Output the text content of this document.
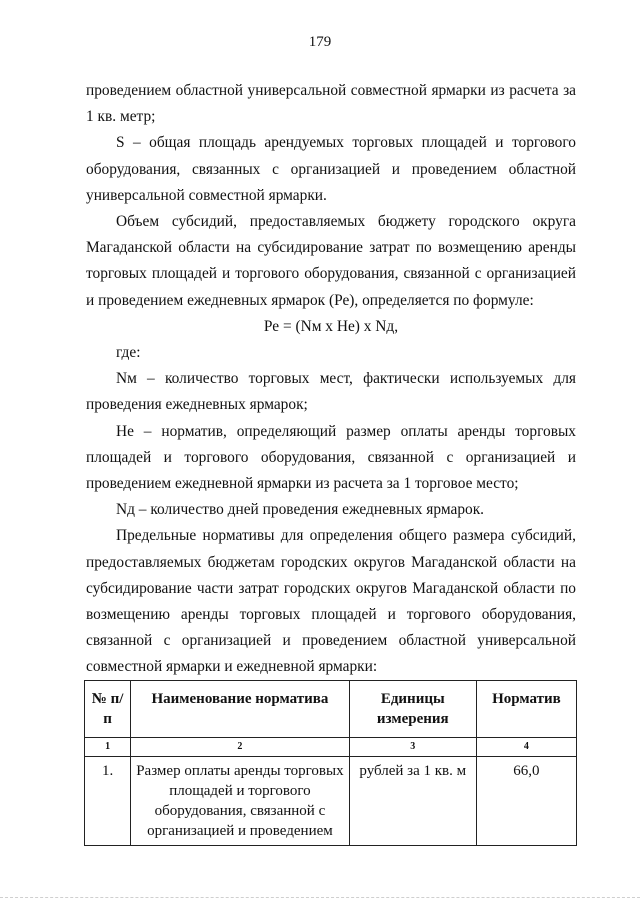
179

проведением областной универсальной совместной ярмарки из расчета за 1 кв. метр;

S – общая площадь арендуемых торговых площадей и торгового оборудования, связанных с организацией и проведением областной универсальной совместной ярмарки.

Объем субсидий, предоставляемых бюджету городского округа Магаданской области на субсидирование затрат по возмещению аренды торговых площадей и торгового оборудования, связанной с организацией и проведением ежедневных ярмарок (Ре), определяется по формуле:

Ре = (Nм х Не) х Nд,

где:

Nм – количество торговых мест, фактически используемых для проведения ежедневных ярмарок;

Не – норматив, определяющий размер оплаты аренды торговых площадей и торгового оборудования, связанной с организацией и проведением ежедневной ярмарки из расчета за 1 торговое место;

Nд – количество дней проведения ежедневных ярмарок.

Предельные нормативы для определения общего размера субсидий, предоставляемых бюджетам городских округов Магаданской области на субсидирование части затрат городских округов Магаданской области по возмещению аренды торговых площадей и торгового оборудования, связанной с организацией и проведением областной универсальной совместной ярмарки и ежедневной ярмарки:

№ п/п	Наименование норматива	Единицы измерения	Норматив
1	2	3	4
1.	Размер оплаты аренды торговых площадей и торгового оборудования, связанной с организацией и проведением	рублей за 1 кв. м	66,0
